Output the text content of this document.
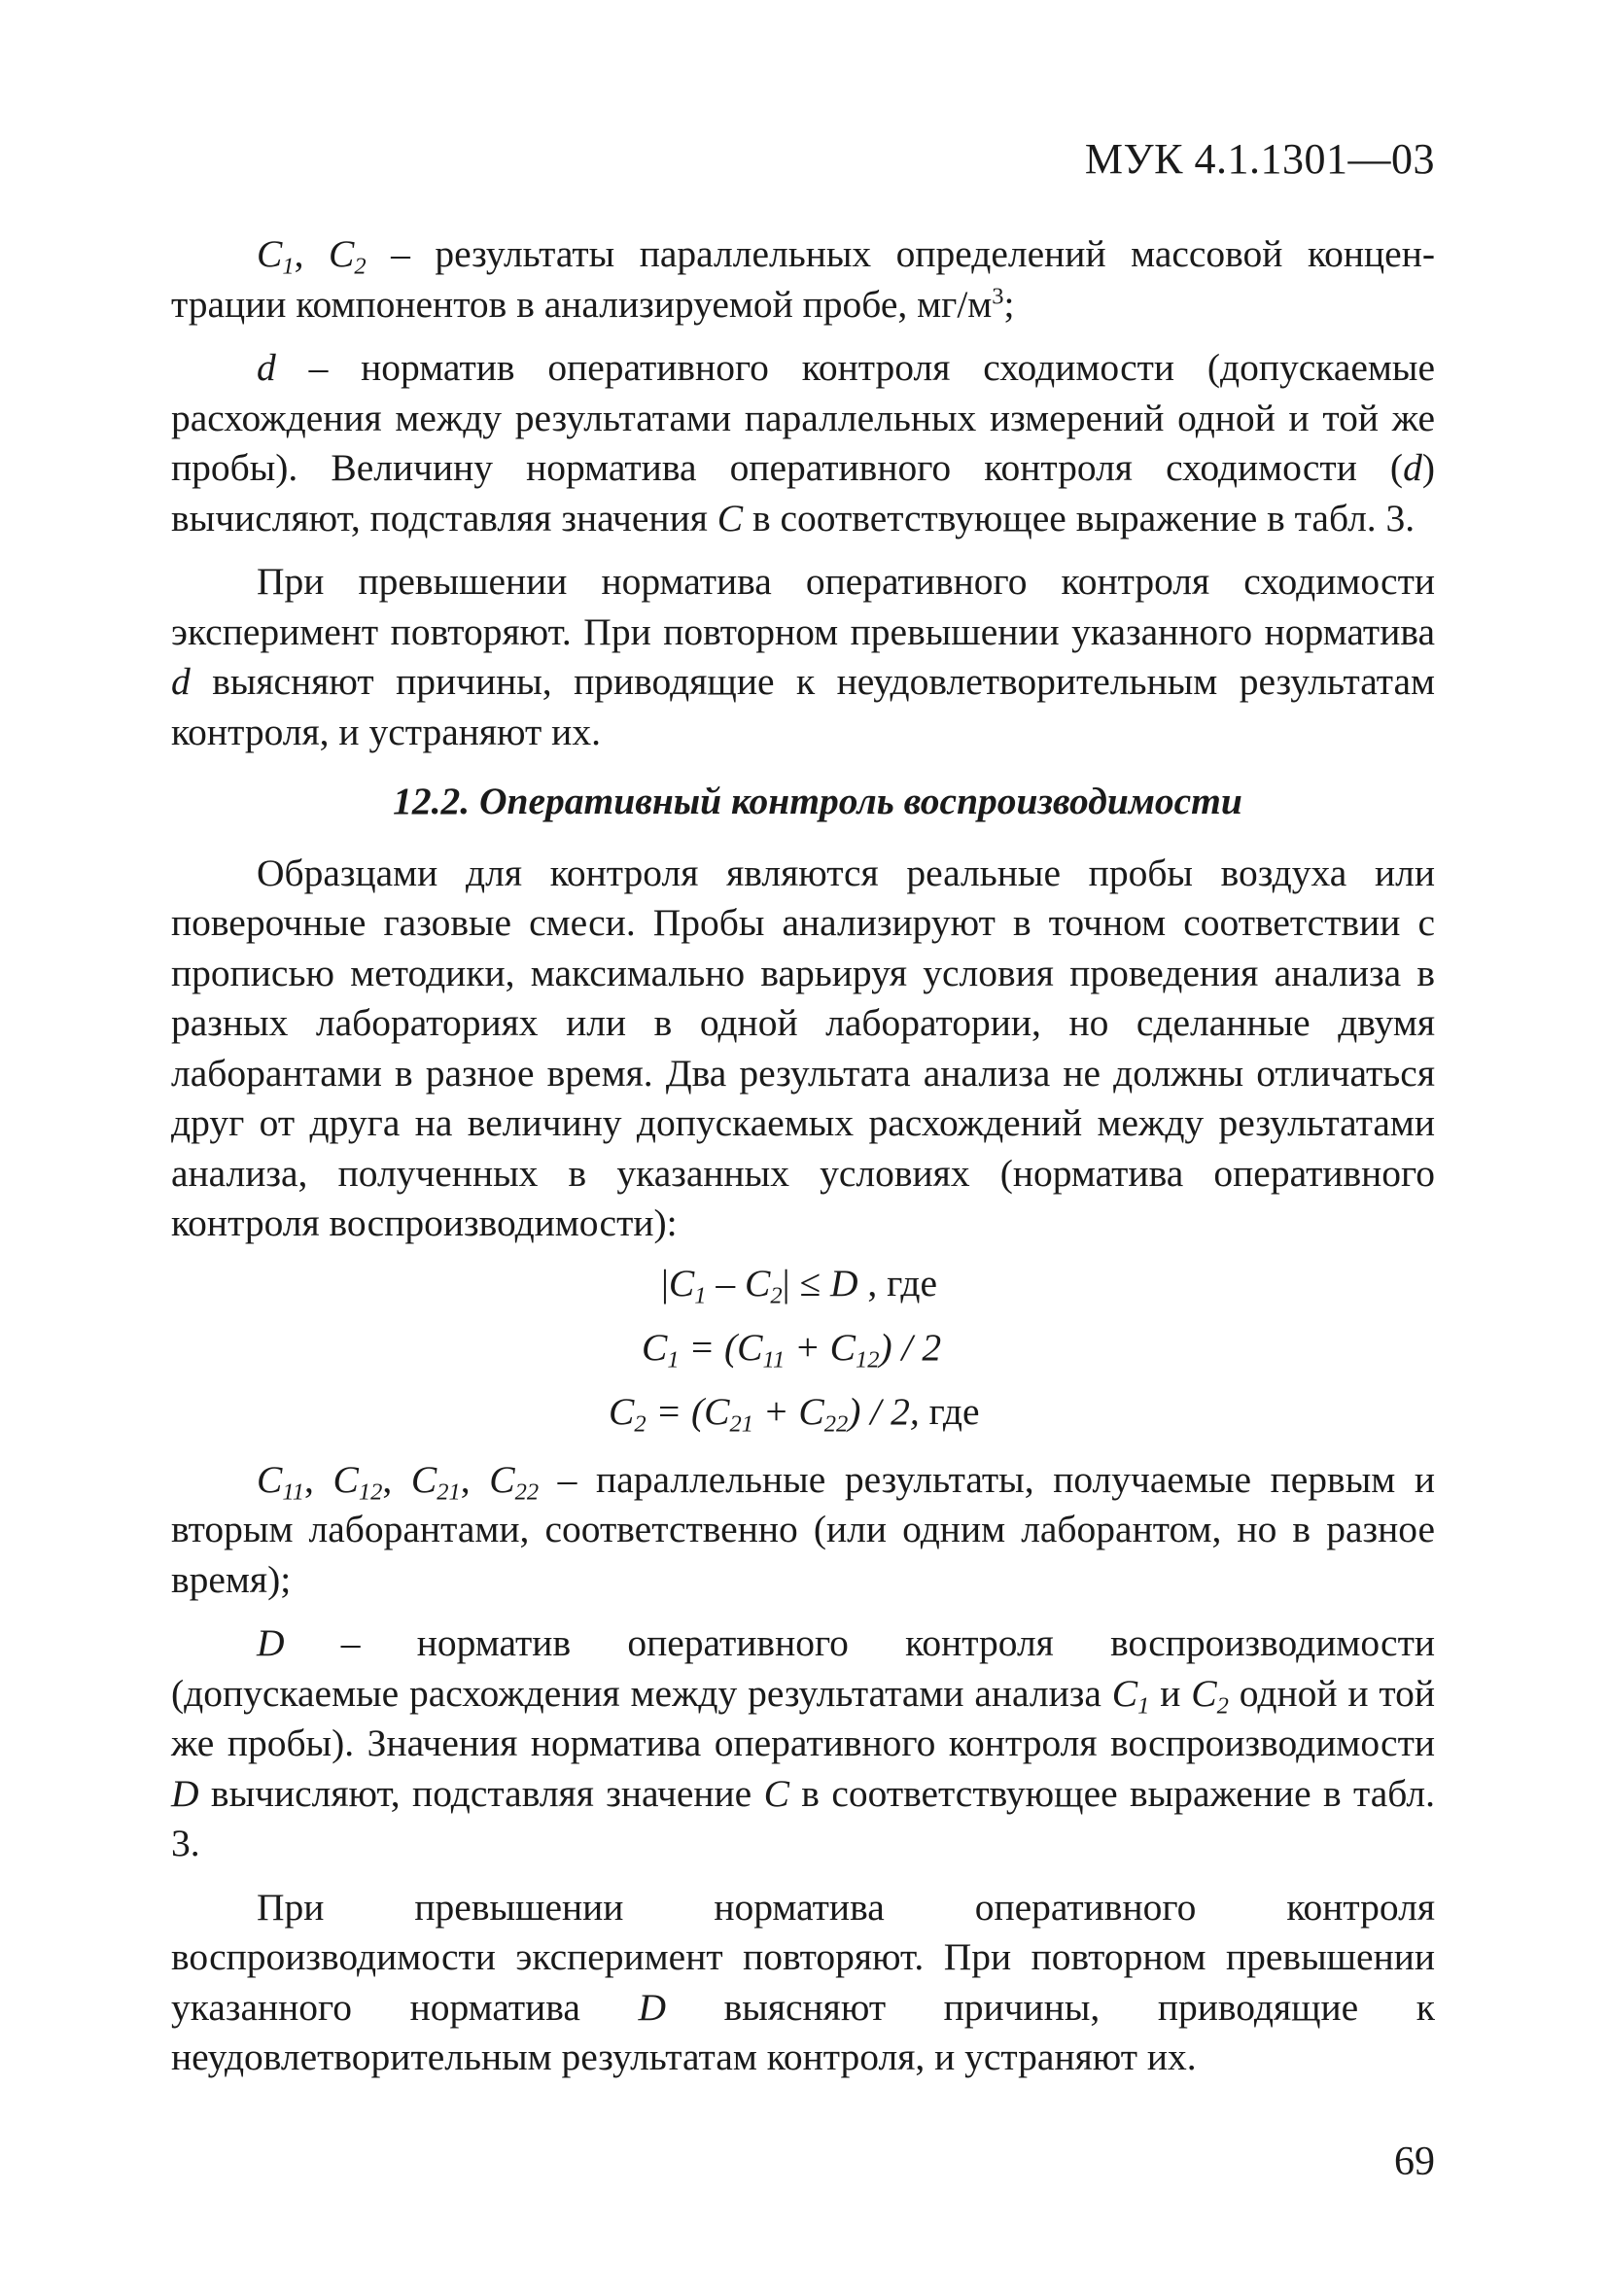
МУК 4.1.1301—03

$C_1$, $C_2$ – результаты параллельных определений массовой концен-трации компонентов в анализируемой пробе, $мг/м^3$;

d – норматив оперативного контроля сходимости (допускаемые расхождения между результатами параллельных измерений одной и той же пробы). Величину норматива оперативного контроля сходимости (d) вычисляют, подставляя значения C в соответствующее выражение в табл. 3.

При превышении норматива оперативного контроля сходимости эксперимент повторяют. При повторном превышении указанного норматива d выясняют причины, приводящие к неудовлетворительным результатам контроля, и устраняют их.

12.2. Оперативный контроль воспроизводимости

Образцами для контроля являются реальные пробы воздуха или поверочные газовые смеси. Пробы анализируют в точном соответствии с прописью методики, максимально варьируя условия проведения анализа в разных лабораториях или в одной лаборатории, но сделанные двумя лаборантами в разное время. Два результата анализа не должны отличаться друг от друга на величину допускаемых расхождений между результатами анализа, полученных в указанных условиях (норматива оперативного контроля воспроизводимости):

$|C_1 - C_2| \le D$ , где

$C_1 = (C_{11} + C_{12}) / 2$

$C_2 = (C_{21} + C_{22}) / 2$, где

$C_{11}$, $C_{12}$, $C_{21}$, $C_{22}$ – параллельные результаты, получаемые первым и вторым лаборантами, соответственно (или одним лаборантом, но в разное время);

D – норматив оперативного контроля воспроизводимости (допускаемые расхождения между результатами анализа $C_1$ и $C_2$ одной и той же пробы). Значения норматива оперативного контроля воспроизводимости D вычисляют, подставляя значение C в соответствующее выражение в табл. 3.

При превышении норматива оперативного контроля воспроизводимости эксперимент повторяют. При повторном превышении указанного норматива D выясняют причины, приводящие к неудовлетворительным результатам контроля, и устраняют их.

69
